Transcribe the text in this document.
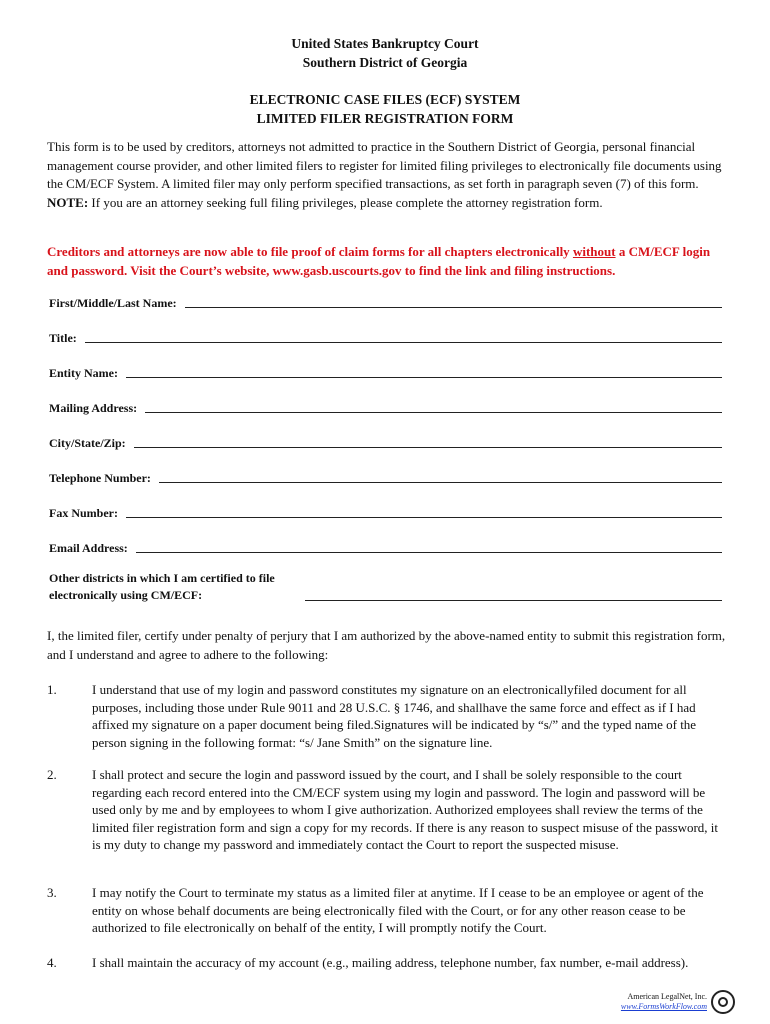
United States Bankruptcy Court
Southern District of Georgia
ELECTRONIC CASE FILES (ECF) SYSTEM
LIMITED FILER REGISTRATION FORM
This form is to be used by creditors, attorneys not admitted to practice in the Southern District of Georgia, personal financial management course provider, and other limited filers to register for limited filing privileges to electronically file documents using the CM/ECF System. A limited filer may only perform specified transactions, as set forth in paragraph seven (7) of this form. NOTE: If you are an attorney seeking full filing privileges, please complete the attorney registration form.
Creditors and attorneys are now able to file proof of claim forms for all chapters electronically without a CM/ECF login and password. Visit the Court’s website, www.gasb.uscourts.gov to find the link and filing instructions.
First/Middle/Last Name:
Title:
Entity Name:
Mailing Address:
City/State/Zip:
Telephone Number:
Fax Number:
Email Address:
Other districts in which I am certified to file
electronically using CM/ECF:
I, the limited filer, certify under penalty of perjury that I am authorized by the above-named entity to submit this registration form, and I understand and agree to adhere to the following:
1.	I understand that use of my login and password constitutes my signature on an electronicallyfiled document for all purposes, including those under Rule 9011 and 28 U.S.C. § 1746, and shallhave the same force and effect as if I had affixed my signature on a paper document being filed.Signatures will be indicated by “s/” and the typed name of the person signing in the following format: “s/ Jane Smith” on the signature line.
2.	I shall protect and secure the login and password issued by the court, and I shall be solely responsible to the court regarding each record entered into the CM/ECF system using my login and password. The login and password will be used only by me and by employees to whom I give authorization. Authorized employees shall review the terms of the limited filer registration form and sign a copy for my records. If there is any reason to suspect misuse of the password, it is my duty to change my password and immediately contact the Court to report the suspected misuse.
3.	I may notify the Court to terminate my status as a limited filer at anytime. If I cease to be an employee or agent of the entity on whose behalf documents are being electronically filed with the Court, or for any other reason cease to be authorized to file electronically on behalf of the entity, I will promptly notify the Court.
4.	I shall maintain the accuracy of my account (e.g., mailing address, telephone number, fax number, e-mail address).
American LegalNet, Inc.
www.FormsWorkFlow.com
